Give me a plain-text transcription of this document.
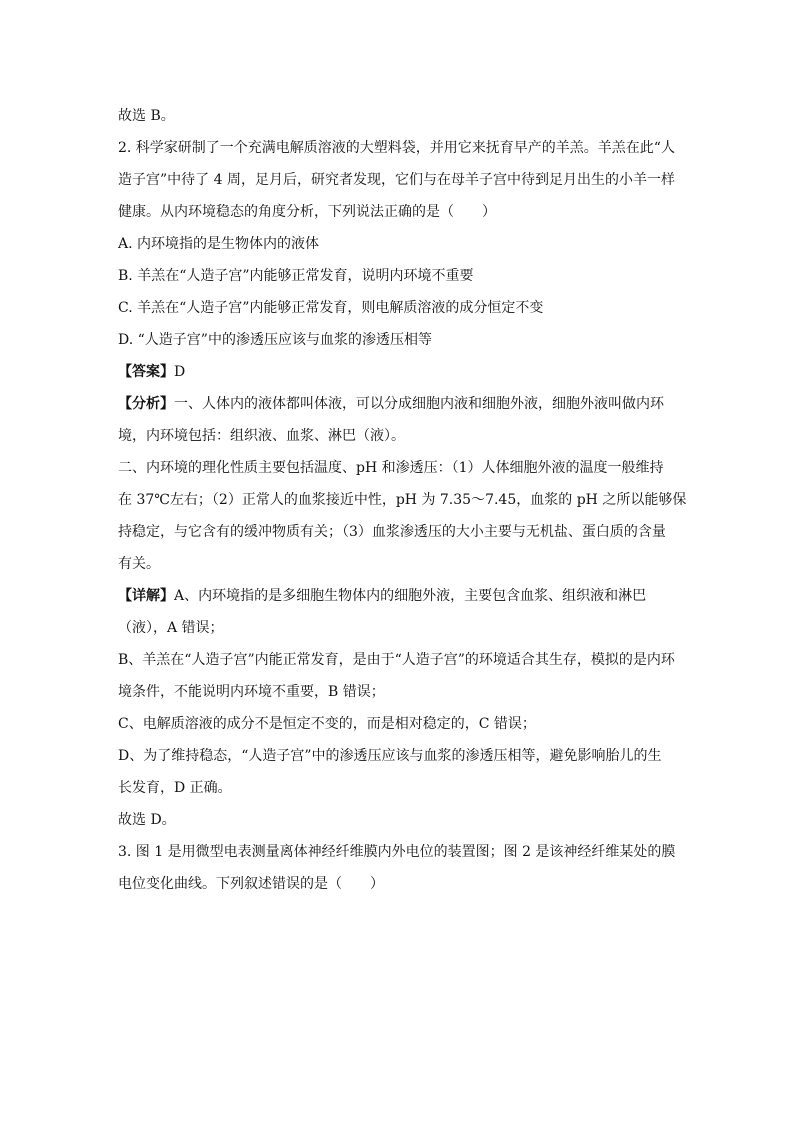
故选 B。
2. 科学家研制了一个充满电解质溶液的大塑料袋，并用它来抚育早产的羊羔。羊羔在此“人
造子宫”中待了 4 周，足月后，研究者发现，它们与在母羊子宫中待到足月出生的小羊一样
健康。从内环境稳态的角度分析，下列说法正确的是（　　）
A. 内环境指的是生物体内的液体
B. 羊羔在“人造子宫”内能够正常发育，说明内环境不重要
C. 羊羔在“人造子宫”内能够正常发育，则电解质溶液的成分恒定不变
D. “人造子宫”中的渗透压应该与血浆的渗透压相等
【答案】D
【分析】一、人体内的液体都叫体液，可以分成细胞内液和细胞外液，细胞外液叫做内环
境，内环境包括：组织液、血浆、淋巴（液）。
二、内环境的理化性质主要包括温度、pH 和渗透压：（1）人体细胞外液的温度一般维持
在 37℃左右；（2）正常人的血浆接近中性，pH 为 7.35～7.45，血浆的 pH 之所以能够保
持稳定，与它含有的缓冲物质有关；（3）血浆渗透压的大小主要与无机盐、蛋白质的含量
有关。
【详解】A、内环境指的是多细胞生物体内的细胞外液，主要包含血浆、组织液和淋巴
（液），A 错误；
B、羊羔在“人造子宫”内能正常发育，是由于“人造子宫”的环境适合其生存，模拟的是内环
境条件，不能说明内环境不重要，B 错误；
C、电解质溶液的成分不是恒定不变的，而是相对稳定的，C 错误；
D、为了维持稳态，“人造子宫”中的渗透压应该与血浆的渗透压相等，避免影响胎儿的生
长发育，D 正确。
故选 D。
3. 图 1 是用微型电表测量离体神经纤维膜内外电位的装置图；图 2 是该神经纤维某处的膜
电位变化曲线。下列叙述错误的是（　　）
